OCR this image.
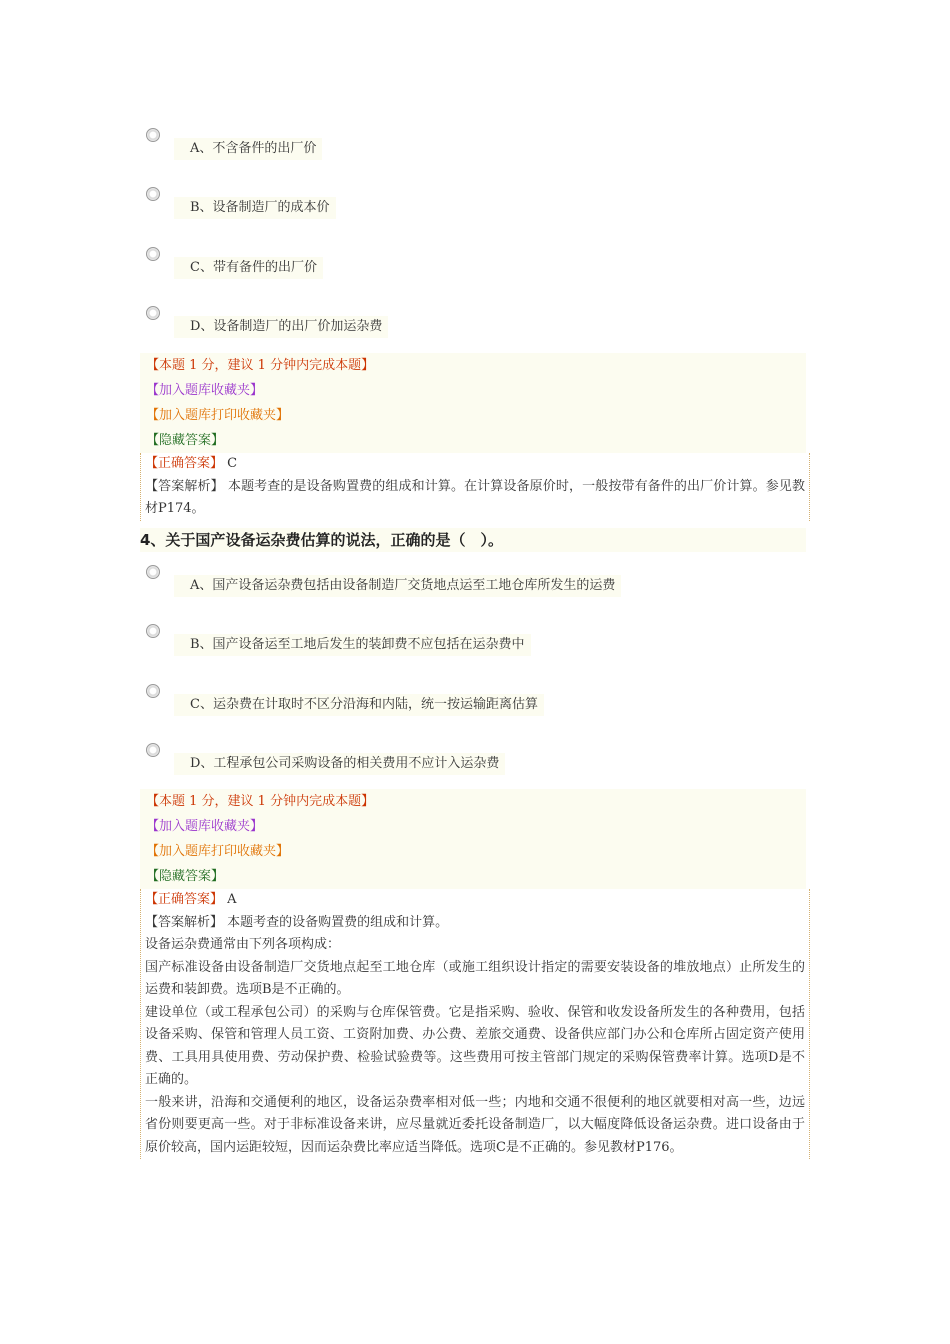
A、不含备件的出厂价
B、设备制造厂的成本价
C、带有备件的出厂价
D、设备制造厂的出厂价加运杂费
【本题 1 分，建议 1 分钟内完成本题】
【加入题库收藏夹】
【加入题库打印收藏夹】
【隐藏答案】

【正确答案】 C

【答案解析】 本题考查的是设备购置费的组成和计算。在计算设备原价时，一般按带有备件的出厂价计算。参见教材P174。

4、关于国产设备运杂费估算的说法，正确的是（　）。
A、国产设备运杂费包括由设备制造厂交货地点运至工地仓库所发生的运费
B、国产设备运至工地后发生的装卸费不应包括在运杂费中
C、运杂费在计取时不区分沿海和内陆，统一按运输距离估算
D、工程承包公司采购设备的相关费用不应计入运杂费
【本题 1 分，建议 1 分钟内完成本题】
【加入题库收藏夹】
【加入题库打印收藏夹】
【隐藏答案】

【正确答案】 A

【答案解析】 本题考查的设备购置费的组成和计算。

设备运杂费通常由下列各项构成：

国产标准设备由设备制造厂交货地点起至工地仓库（或施工组织设计指定的需要安装设备的堆放地点）止所发生的运费和装卸费。选项B是不正确的。

建设单位（或工程承包公司）的采购与仓库保管费。它是指采购、验收、保管和收发设备所发生的各种费用，包括设备采购、保管和管理人员工资、工资附加费、办公费、差旅交通费、设备供应部门办公和仓库所占固定资产使用费、工具用具使用费、劳动保护费、检验试验费等。这些费用可按主管部门规定的采购保管费率计算。选项D是不正确的。

一般来讲，沿海和交通便利的地区，设备运杂费率相对低一些；内地和交通不很便利的地区就要相对高一些，边远省份则要更高一些。对于非标准设备来讲，应尽量就近委托设备制造厂，以大幅度降低设备运杂费。进口设备由于原价较高，国内运距较短，因而运杂费比率应适当降低。选项C是不正确的。参见教材P176。
